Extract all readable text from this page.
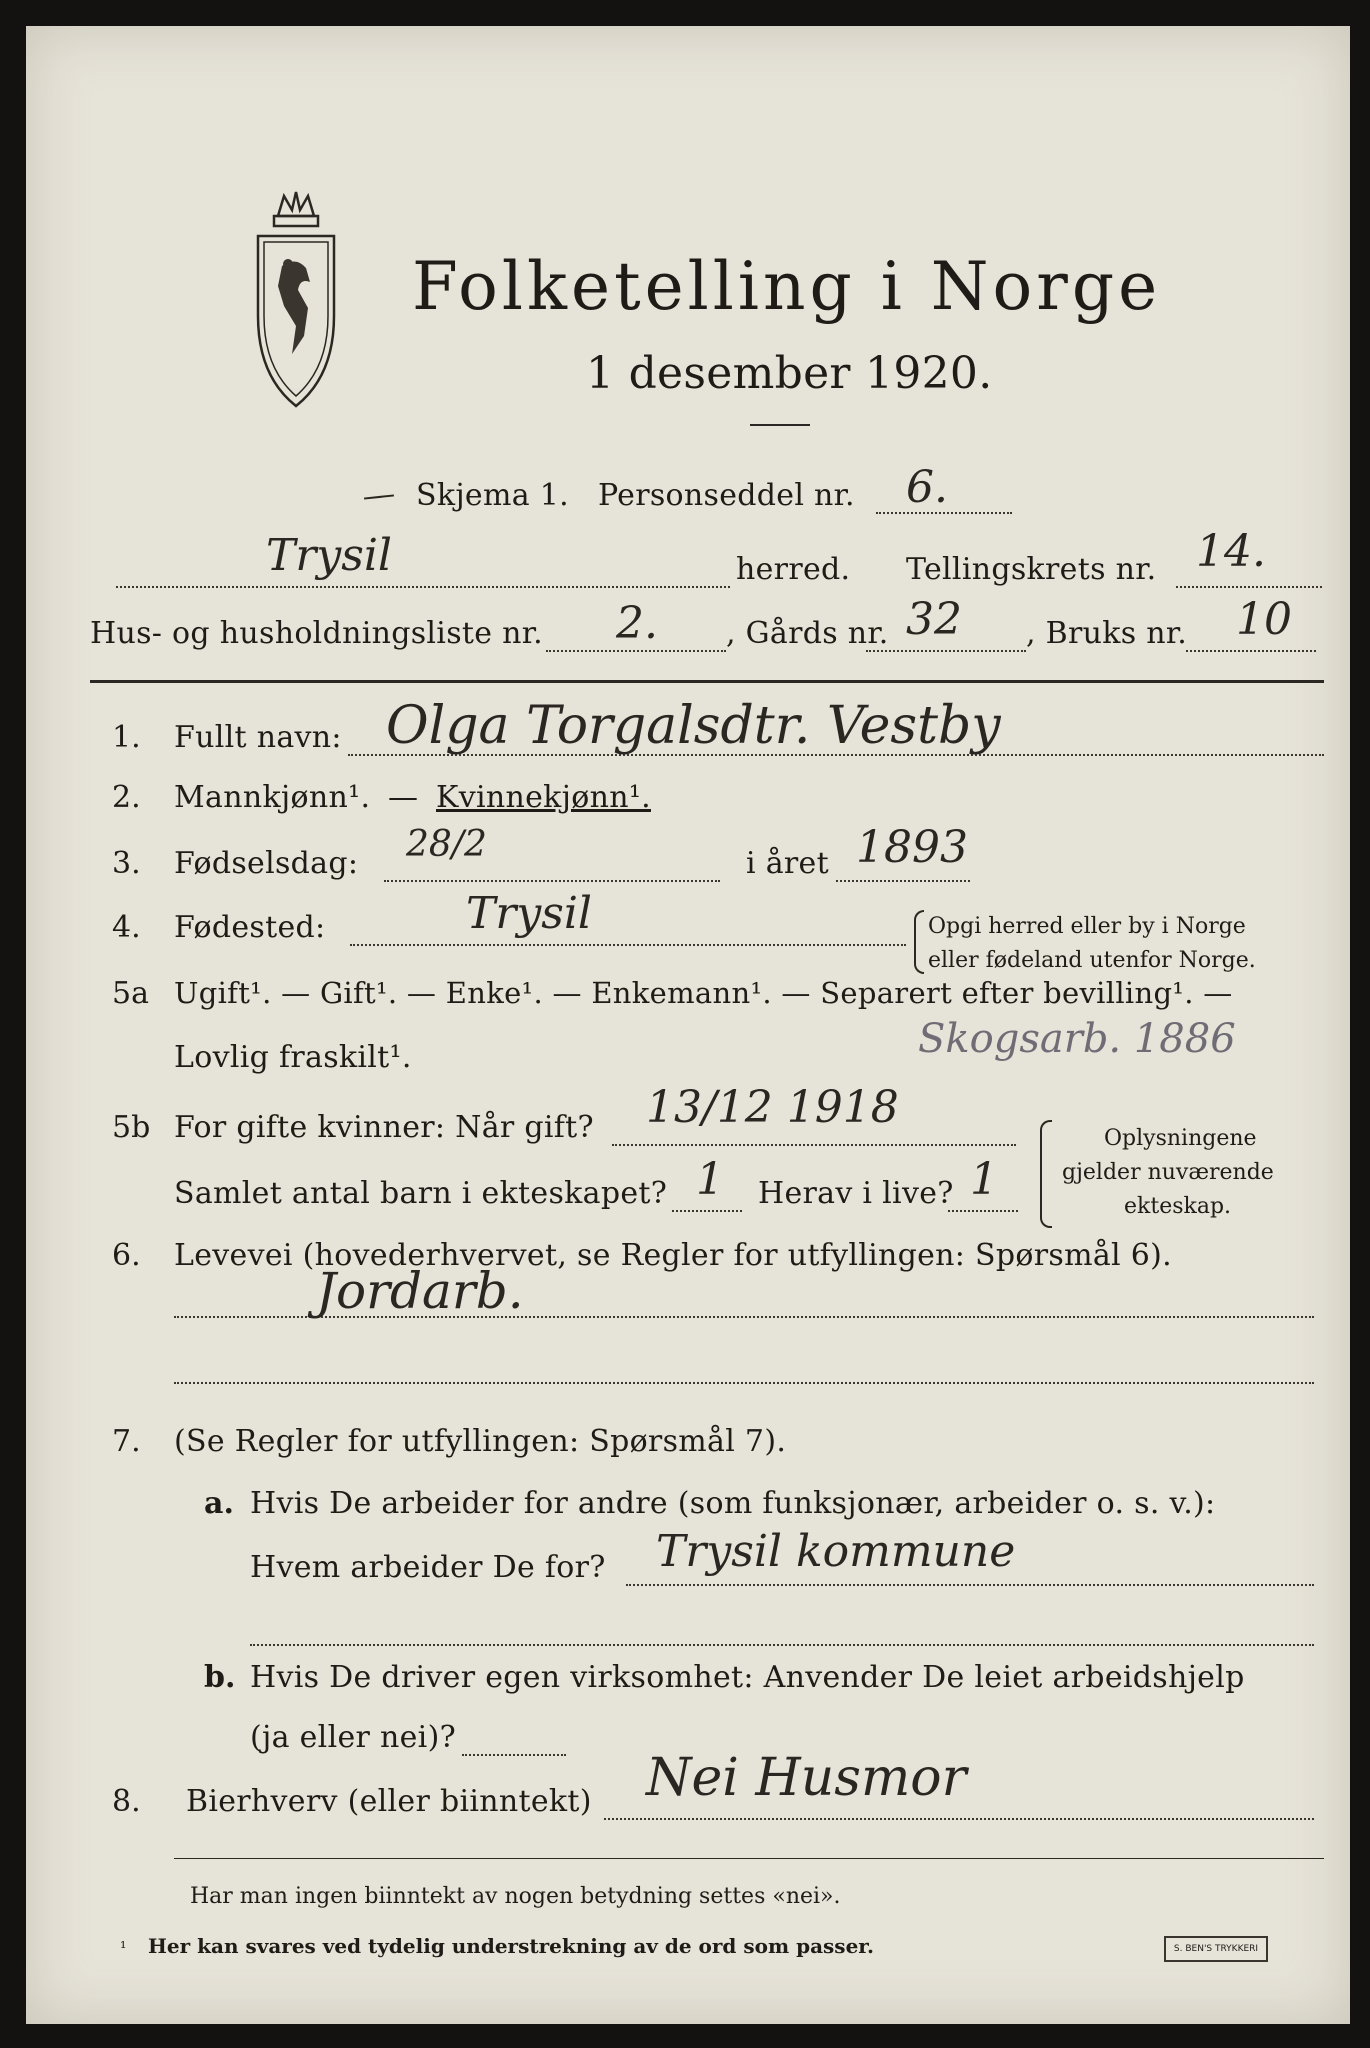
Folketelling i Norge
1 desember 1920.
Skjema 1. Personseddel nr. 6.
Trysil	herred. Tellingskrets nr. 14.
Hus- og husholdningsliste nr. 2. , Gårds nr. 32 , Bruks nr. 10
1. Fullt navn: Olga Torgalsdtr. Vestby
2. Mannkjønn¹. — Kvinnekjønn¹.
3. Fødselsdag: 28/2	i året 1893
4. Fødested:	Trysil	Opgi herred eller by i Norge
eller fødeland utenfor Norge.
5a Ugift¹. — Gift¹. — Enke¹. — Enkemann¹. — Separert efter bevilling¹. —
Lovlig fraskilt¹.	Skogsarb. 1886
5b For gifte kvinner: Når gift? 13/12 1918
Samlet antal barn i ekteskapet? 1 Herav i live? 1
Oplysningene
gjelder nuværende
ekteskap.
6. Levevei (hovederhvervet, se Regler for utfyllingen: Spørsmål 6).
Jordarb.
7. (Se Regler for utfyllingen: Spørsmål 7).
a. Hvis De arbeider for andre (som funksjonær, arbeider o. s. v.):
Hvem arbeider De for? Trysil kommune
b. Hvis De driver egen virksomhet: Anvender De leiet arbeidshjelp
(ja eller nei)?
8. Bierhverv (eller biinntekt) Nei Husmor
Har man ingen biinntekt av nogen betydning settes «nei».
¹ Her kan svares ved tydelig understrekning av de ord som passer.	S. BEN'S TRYKKERI
